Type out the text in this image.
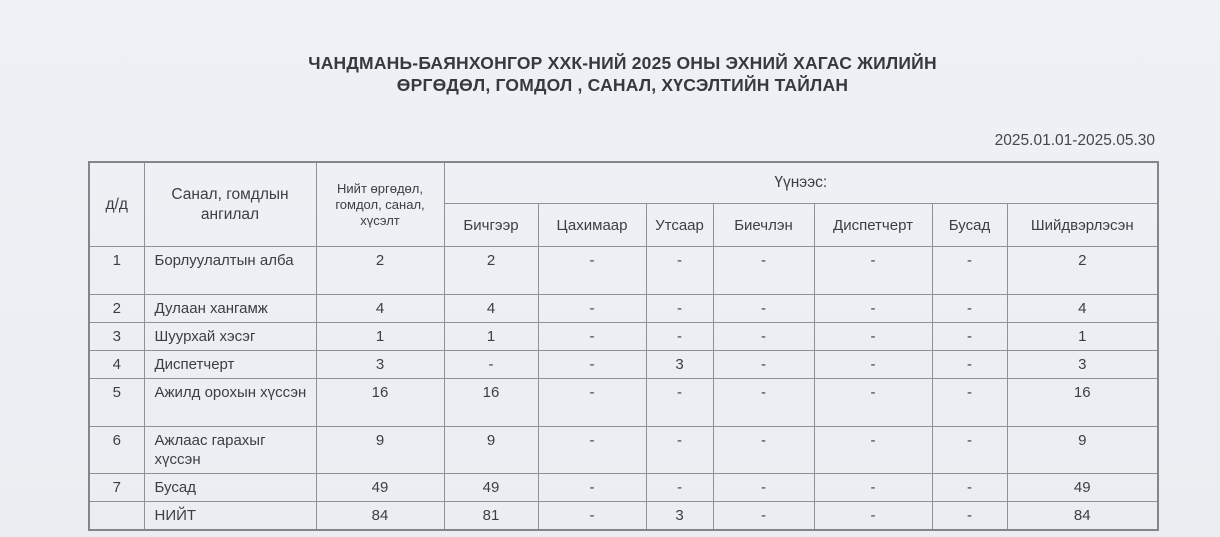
ЧАНДМАНЬ-БАЯНХОНГОР ХХК-НИЙ 2025 ОНЫ ЭХНИЙ ХАГАС ЖИЛИЙН
ӨРГӨДӨЛ, ГОМДОЛ , САНАЛ, ХҮСЭЛТИЙН ТАЙЛАН
2025.01.01-2025.05.30
д/д	Санал, гомдлын ангилал	Нийт өргөдөл, гомдол, санал, хүсэлт	Үүнээс:						
			Бичгээр	Цахимаар	Утсаар	Биечлэн	Диспетчерт	Бусад	Шийдвэрлэсэн
1	Борлуулалтын алба	2	2	-	-	-	-	-	2
2	Дулаан хангамж	4	4	-	-	-	-	-	4
3	Шуурхай хэсэг	1	1	-	-	-	-	-	1
4	Диспетчерт	3	-	-	3	-	-	-	3
5	Ажилд орохын хүссэн	16	16	-	-	-	-	-	16
6	Ажлаас гарахыг хүссэн	9	9	-	-	-	-	-	9
7	Бусад	49	49	-	-	-	-	-	49
	НИЙТ	84	81	-	3	-	-	-	84
